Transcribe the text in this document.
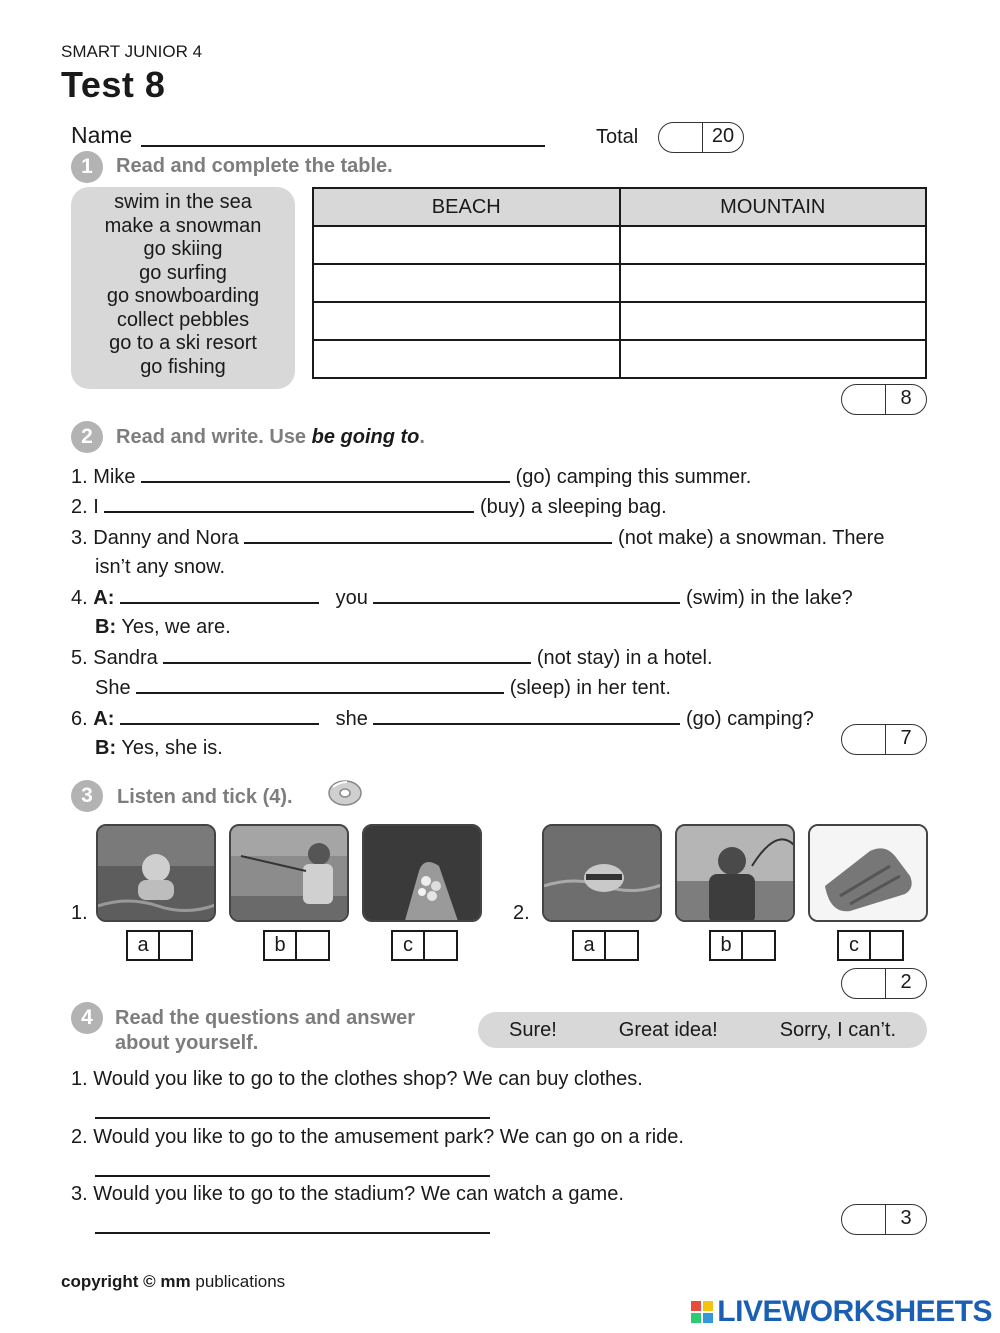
SMART JUNIOR 4
Test 8
Name	Total	20
1	Read and complete the table.
swim in the sea
make a snowman
go skiing
go surfing
go snowboarding
collect pebbles
go to a ski resort
go fishing
BEACH	MOUNTAIN

8
2	Read and write. Use be going to.
1. Mike	(go) camping this summer.
2. I	(buy) a sleeping bag.
3. Danny and Nora	(not make) a snowman. There
isn’t any snow.
4. A:	you	(swim) in the lake?
B: Yes, we are.
5. Sandra	(not stay) in a hotel.
She	(sleep) in her tent.
6. A:	she	(go) camping?
B: Yes, she is.	7
3	Listen and tick (4).
1.
a	b	c
2.
a	b	c
2
4	Read the questions and answer
about yourself.
Sure!	Great idea!	Sorry, I can’t.
1. Would you like to go to the clothes shop? We can buy clothes.
2. Would you like to go to the amusement park? We can go on a ride.
3. Would you like to go to the stadium? We can watch a game.
3
copyright © mm publications
LIVEWORKSHEETS
